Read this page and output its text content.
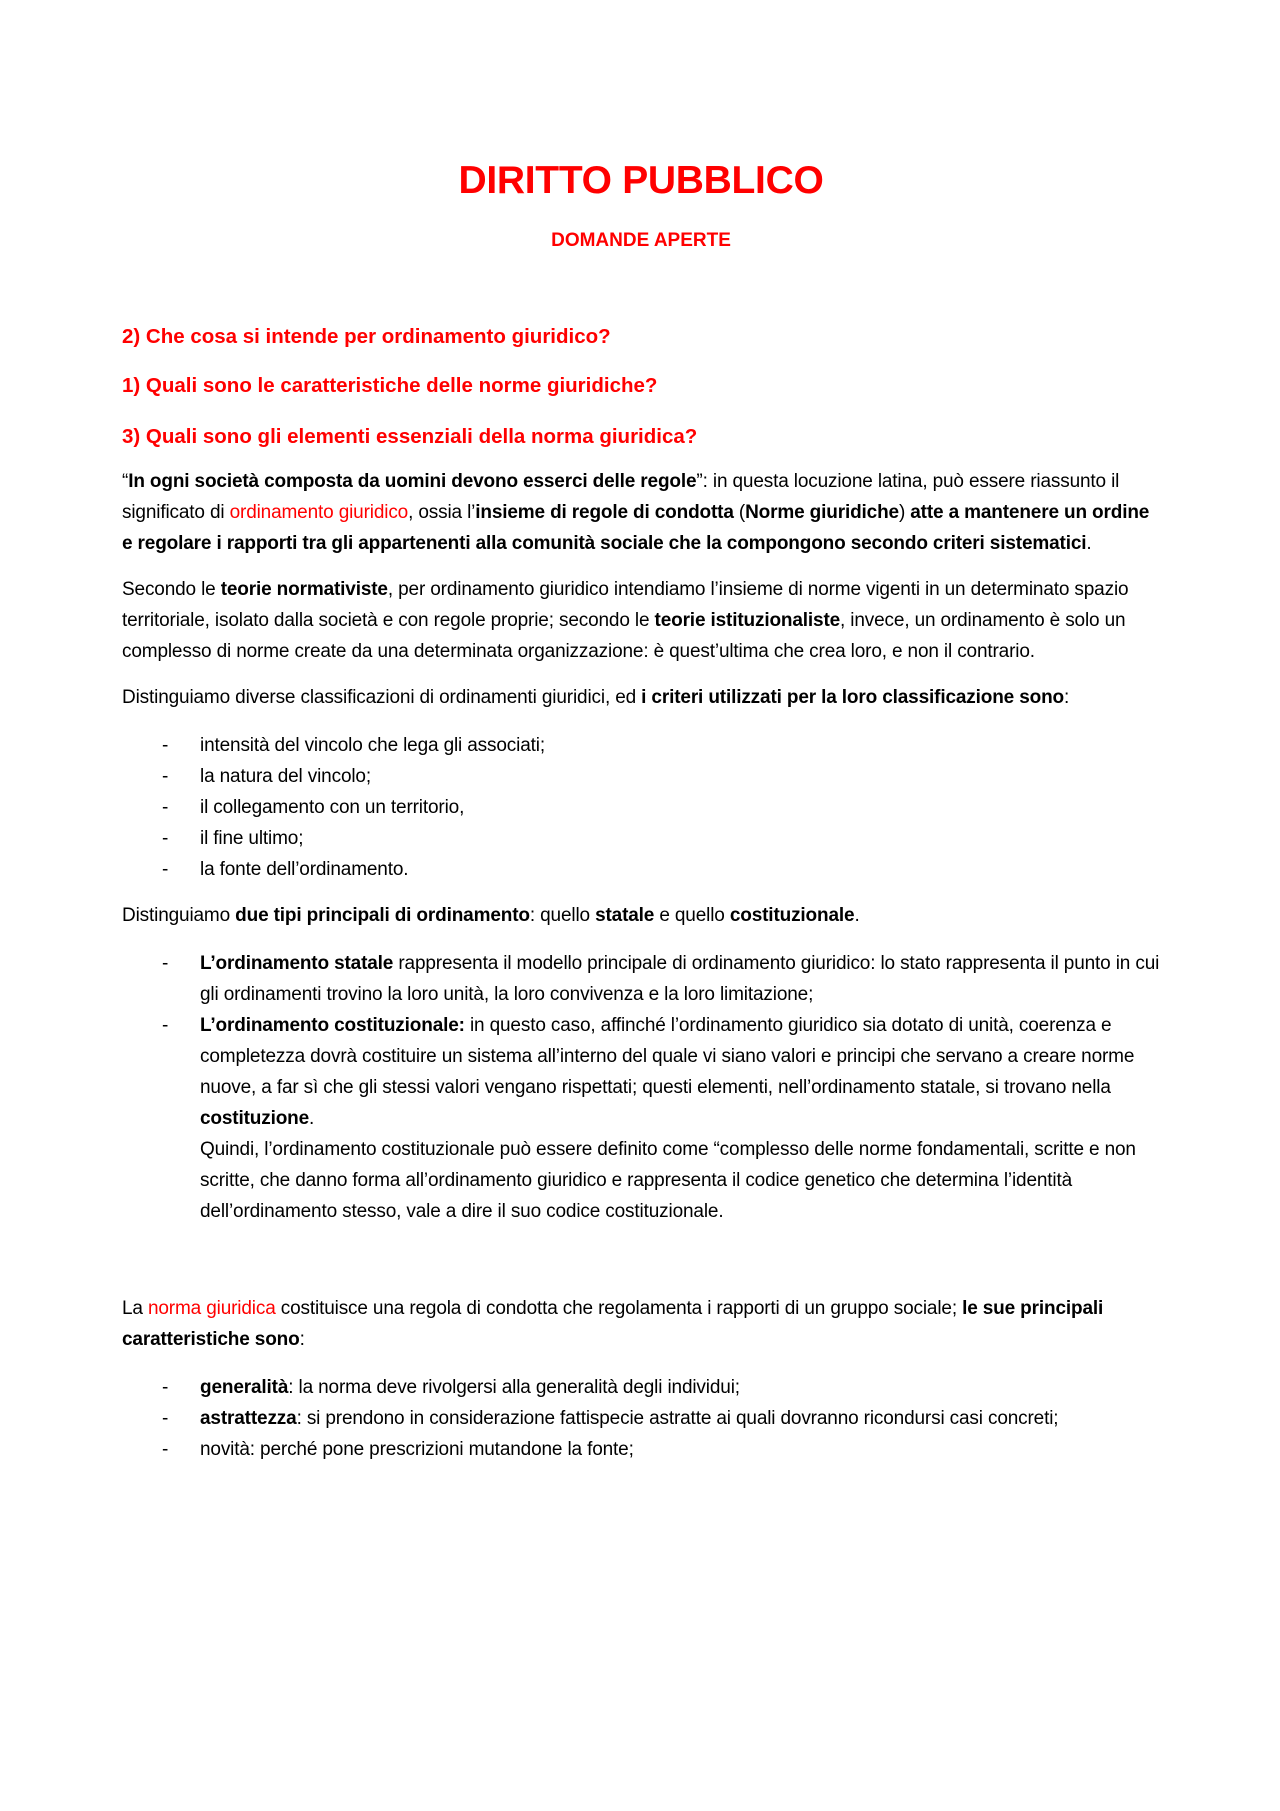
DIRITTO PUBBLICO
DOMANDE APERTE

2) Che cosa si intende per ordinamento giuridico?

1) Quali sono le caratteristiche delle norme giuridiche?

3) Quali sono gli elementi essenziali della norma giuridica?

“In ogni società composta da uomini devono esserci delle regole”: in questa locuzione latina, può essere riassunto il significato di ordinamento giuridico, ossia l’insieme di regole di condotta (Norme giuridiche) atte a mantenere un ordine e regolare i rapporti tra gli appartenenti alla comunità sociale che la compongono secondo criteri sistematici.

Secondo le teorie normativiste, per ordinamento giuridico intendiamo l’insieme di norme vigenti in un determinato spazio territoriale, isolato dalla società e con regole proprie; secondo le teorie istituzionaliste, invece, un ordinamento è solo un complesso di norme create da una determinata organizzazione: è quest’ultima che crea loro, e non il contrario.

Distinguiamo diverse classificazioni di ordinamenti giuridici, ed i criteri utilizzati per la loro classificazione sono:

- intensità del vincolo che lega gli associati;
- la natura del vincolo;
- il collegamento con un territorio,
- il fine ultimo;
- la fonte dell’ordinamento.

Distinguiamo due tipi principali di ordinamento: quello statale e quello costituzionale.

- L’ordinamento statale rappresenta il modello principale di ordinamento giuridico: lo stato rappresenta il punto in cui gli ordinamenti trovino la loro unità, la loro convivenza e la loro limitazione;
- L’ordinamento costituzionale: in questo caso, affinché l’ordinamento giuridico sia dotato di unità, coerenza e completezza dovrà costituire un sistema all’interno del quale vi siano valori e principi che servano a creare norme nuove, a far sì che gli stessi valori vengano rispettati; questi elementi, nell’ordinamento statale, si trovano nella costituzione.
Quindi, l’ordinamento costituzionale può essere definito come “complesso delle norme fondamentali, scritte e non scritte, che danno forma all’ordinamento giuridico e rappresenta il codice genetico che determina l’identità dell’ordinamento stesso, vale a dire il suo codice costituzionale.

La norma giuridica costituisce una regola di condotta che regolamenta i rapporti di un gruppo sociale; le sue principali caratteristiche sono:

- generalità: la norma deve rivolgersi alla generalità degli individui;
- astrattezza: si prendono in considerazione fattispecie astratte ai quali dovranno ricondursi casi concreti;
- novità: perché pone prescrizioni mutandone la fonte;
